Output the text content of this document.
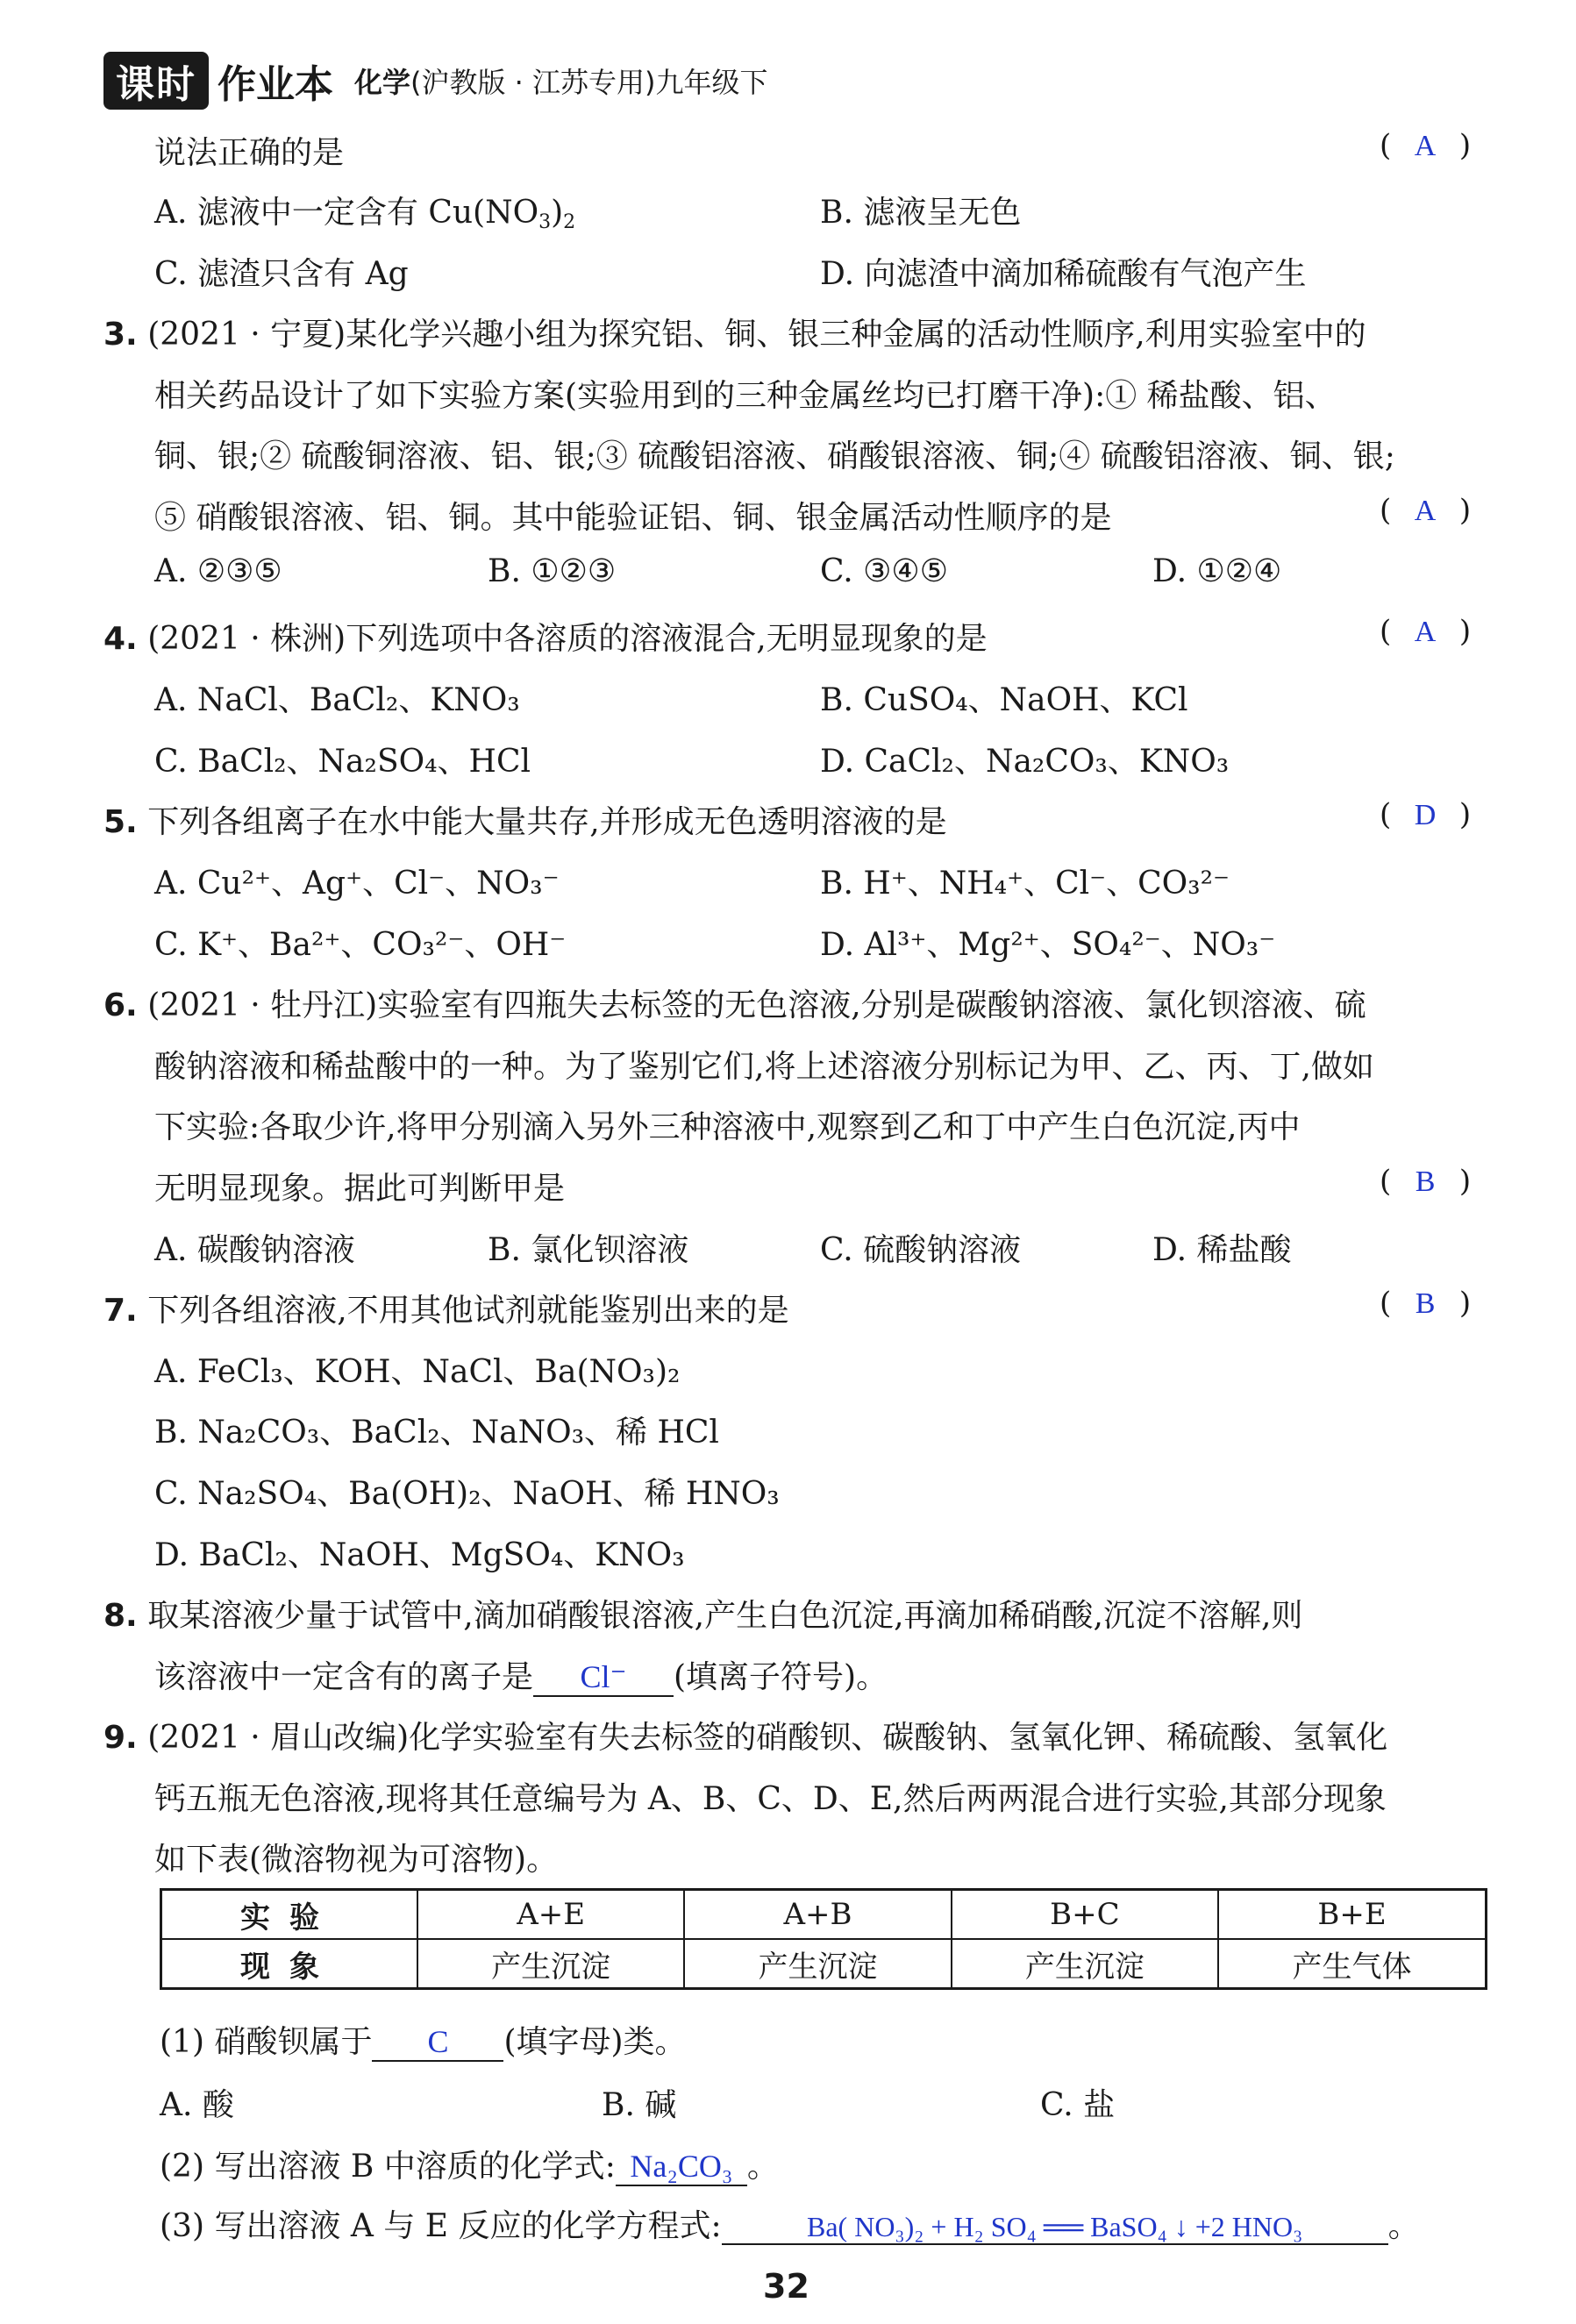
课时 作业本 化学(沪教版 · 江苏专用)九年级下
说法正确的是	( A )
A. 滤液中一定含有 $Cu(NO_3)_2$	B. 滤液呈无色
C. 滤渣只含有 Ag	D. 向滤渣中滴加稀硫酸有气泡产生
3. (2021 · 宁夏)某化学兴趣小组为探究铝、铜、银三种金属的活动性顺序,利用实验室中的
相关药品设计了如下实验方案(实验用到的三种金属丝均已打磨干净):① 稀盐酸、铝、
铜、银;② 硫酸铜溶液、铝、银;③ 硫酸铝溶液、硝酸银溶液、铜;④ 硫酸铝溶液、铜、银;
⑤ 硝酸银溶液、铝、铜。其中能验证铝、铜、银金属活动性顺序的是	( A )
A. ②③⑤	B. ①②③	C. ③④⑤	D. ①②④
4. (2021 · 株洲)下列选项中各溶质的溶液混合,无明显现象的是	( A )
A. NaCl、BaCl₂、KNO₃	B. CuSO₄、NaOH、KCl
C. BaCl₂、Na₂SO₄、HCl	D. CaCl₂、Na₂CO₃、KNO₃
5. 下列各组离子在水中能大量共存,并形成无色透明溶液的是	( D )
A. Cu²⁺、Ag⁺、Cl⁻、NO₃⁻	B. H⁺、NH₄⁺、Cl⁻、CO₃²⁻
C. K⁺、Ba²⁺、CO₃²⁻、OH⁻	D. Al³⁺、Mg²⁺、SO₄²⁻、NO₃⁻
6. (2021 · 牡丹江)实验室有四瓶失去标签的无色溶液,分别是碳酸钠溶液、氯化钡溶液、硫
酸钠溶液和稀盐酸中的一种。为了鉴别它们,将上述溶液分别标记为甲、乙、丙、丁,做如
下实验:各取少许,将甲分别滴入另外三种溶液中,观察到乙和丁中产生白色沉淀,丙中
无明显现象。据此可判断甲是	( B )
A. 碳酸钠溶液	B. 氯化钡溶液	C. 硫酸钠溶液	D. 稀盐酸
7. 下列各组溶液,不用其他试剂就能鉴别出来的是	( B )
A. FeCl₃、KOH、NaCl、Ba(NO₃)₂
B. Na₂CO₃、BaCl₂、NaNO₃、稀 HCl
C. Na₂SO₄、Ba(OH)₂、NaOH、稀 HNO₃
D. BaCl₂、NaOH、MgSO₄、KNO₃
8. 取某溶液少量于试管中,滴加硝酸银溶液,产生白色沉淀,再滴加稀硝酸,沉淀不溶解,则
该溶液中一定含有的离子是 Cl⁻ (填离子符号)。
9. (2021 · 眉山改编)化学实验室有失去标签的硝酸钡、碳酸钠、氢氧化钾、稀硫酸、氢氧化
钙五瓶无色溶液,现将其任意编号为 A、B、C、D、E,然后两两混合进行实验,其部分现象
如下表(微溶物视为可溶物)。
实验	A+E	A+B	B+C	B+E
现象	产生沉淀	产生沉淀	产生沉淀	产生气体
(1) 硝酸钡属于 C (填字母)类。
A. 酸	B. 碱	C. 盐
(2) 写出溶液 B 中溶质的化学式: Na₂CO₃ 。
(3) 写出溶液 A 与 E 反应的化学方程式:	Ba( NO₃)₂ + H₂ SO₄ ══ BaSO₄ ↓ +2 HNO₃	。
32
